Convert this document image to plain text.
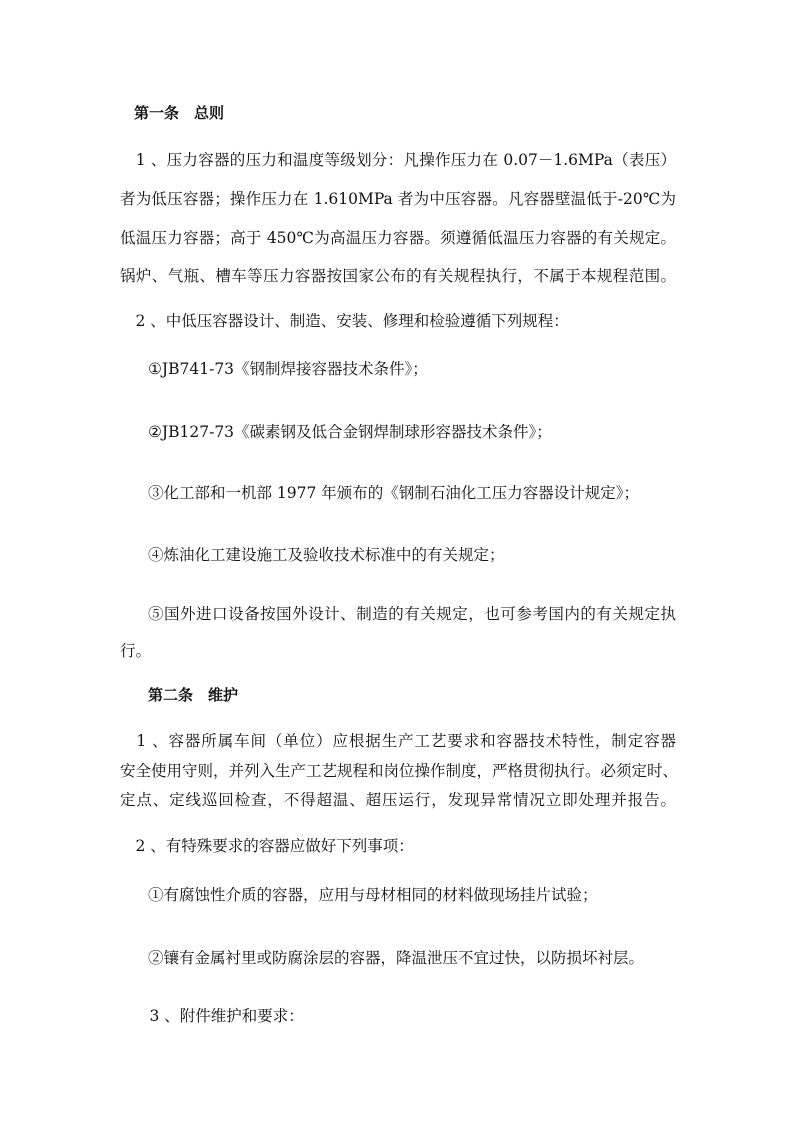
第一条　总则
　1 、压力容器的压力和温度等级划分：凡操作压力在 0.07－1.6MPa（表压）
者为低压容器；操作压力在 1.610MPa 者为中压容器。凡容器壁温低于-20℃为
低温压力容器；高于 450℃为高温压力容器。须遵循低温压力容器的有关规定。
锅炉、气瓶、槽车等压力容器按国家公布的有关规程执行，不属于本规程范围。
　2 、中低压容器设计、制造、安装、修理和检验遵循下列规程：
①JB741-73《钢制焊接容器技术条件》；
②JB127-73《碳素钢及低合金钢焊制球形容器技术条件》；
③化工部和一机部 1977 年颁布的《钢制石油化工压力容器设计规定》；
④炼油化工建设施工及验收技术标准中的有关规定；
⑤国外进口设备按国外设计、制造的有关规定，也可参考国内的有关规定执
行。
第二条　维护
　1 、容器所属车间（单位）应根据生产工艺要求和容器技术特性，制定容器
安全使用守则，并列入生产工艺规程和岗位操作制度，严格贯彻执行。必须定时、
定点、定线巡回检查，不得超温、超压运行，发现异常情况立即处理并报告。
　2 、有特殊要求的容器应做好下列事项：
①有腐蚀性介质的容器，应用与母材相同的材料做现场挂片试验；
②镶有金属衬里或防腐涂层的容器，降温泄压不宜过快，以防损坏衬层。
　3 、附件维护和要求：
